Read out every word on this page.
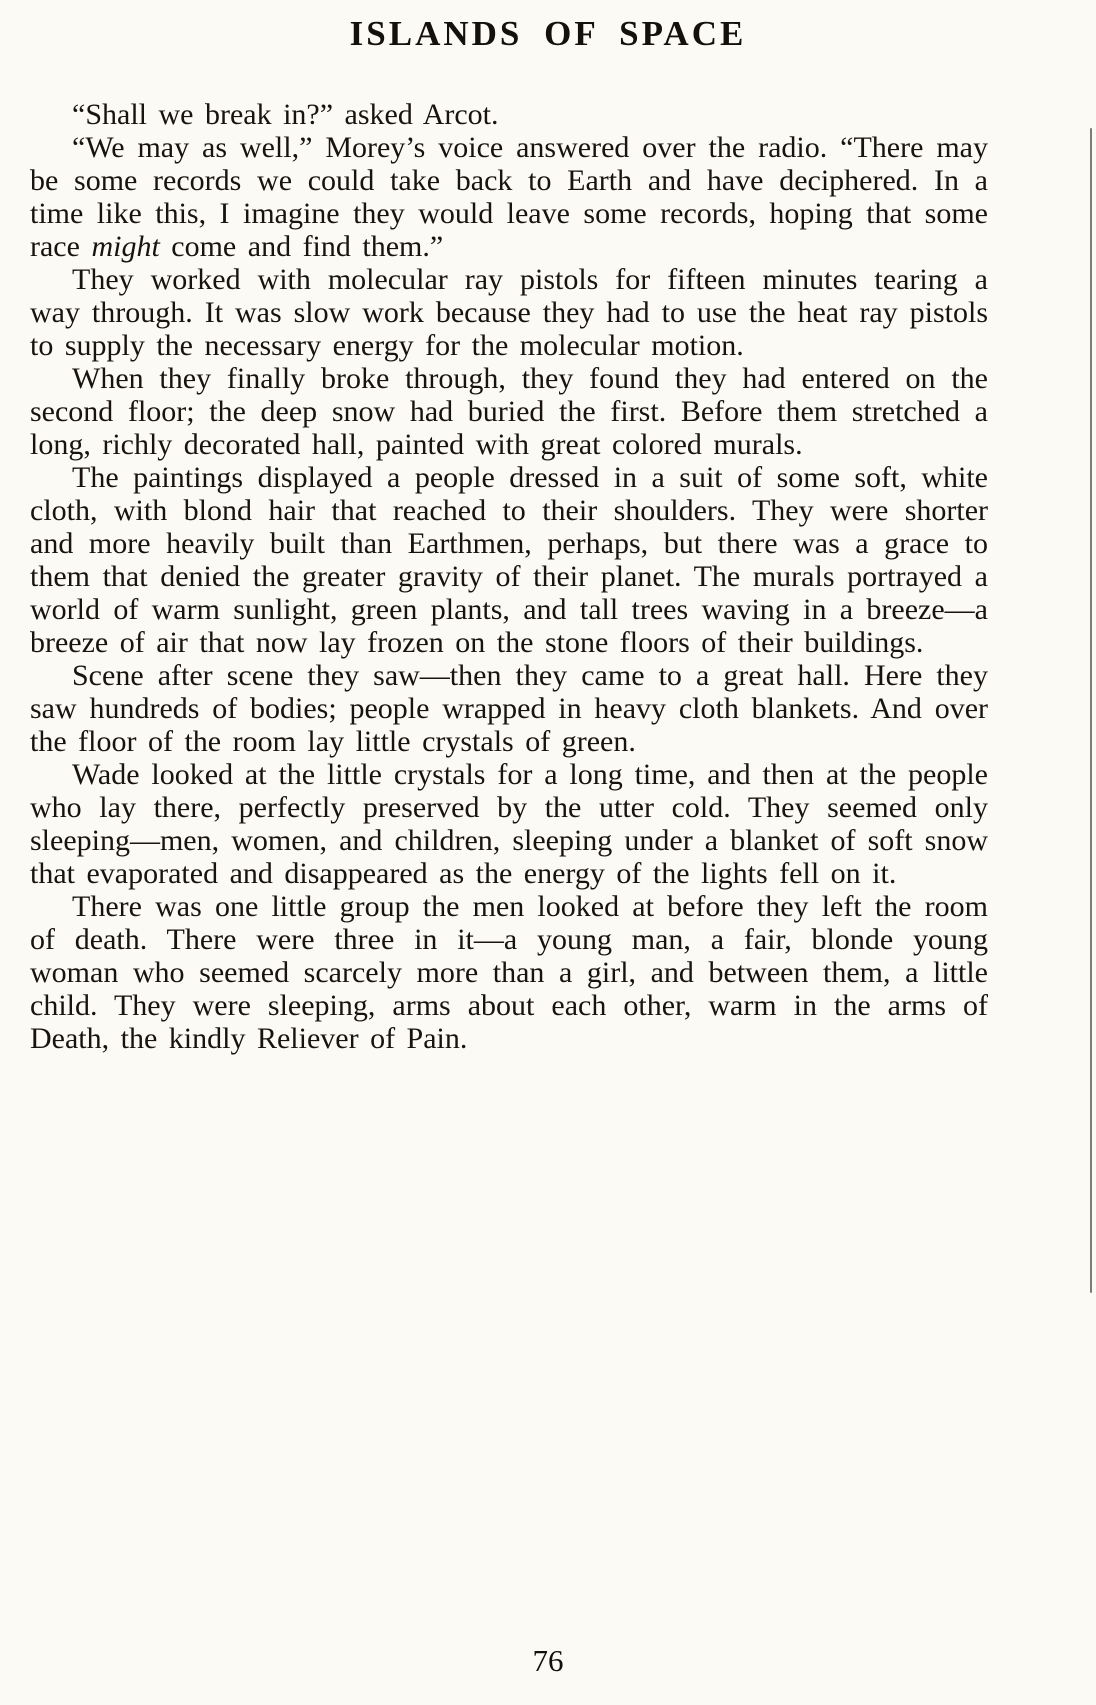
ISLANDS OF SPACE

“Shall we break in?” asked Arcot.

“We may as well,” Morey’s voice answered over the radio. “There may be some records we could take back to Earth and have deciphered. In a time like this, I imagine they would leave some records, hoping that some race might come and find them.”

They worked with molecular ray pistols for fifteen minutes tearing a way through. It was slow work because they had to use the heat ray pistols to supply the necessary energy for the molecular motion.

When they finally broke through, they found they had entered on the second floor; the deep snow had buried the first. Before them stretched a long, richly decorated hall, painted with great colored murals.

The paintings displayed a people dressed in a suit of some soft, white cloth, with blond hair that reached to their shoulders. They were shorter and more heavily built than Earthmen, perhaps, but there was a grace to them that denied the greater gravity of their planet. The murals portrayed a world of warm sunlight, green plants, and tall trees waving in a breeze—a breeze of air that now lay frozen on the stone floors of their buildings.

Scene after scene they saw—then they came to a great hall. Here they saw hundreds of bodies; people wrapped in heavy cloth blankets. And over the floor of the room lay little crystals of green.

Wade looked at the little crystals for a long time, and then at the people who lay there, perfectly preserved by the utter cold. They seemed only sleeping—men, women, and children, sleeping under a blanket of soft snow that evaporated and disappeared as the energy of the lights fell on it.

There was one little group the men looked at before they left the room of death. There were three in it—a young man, a fair, blonde young woman who seemed scarcely more than a girl, and between them, a little child. They were sleeping, arms about each other, warm in the arms of Death, the kindly Reliever of Pain.

76
